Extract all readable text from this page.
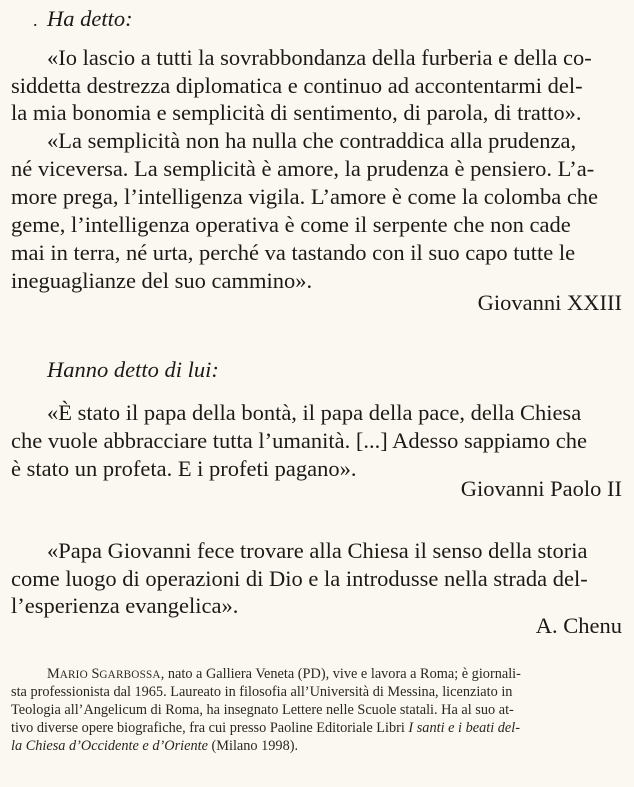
. Ha detto:
«Io lascio a tutti la sovrabbondanza della furberia e della co-
siddetta destrezza diplomatica e continuo ad accontentarmi del-
la mia bonomia e semplicità di sentimento, di parola, di tratto».
«La semplicità non ha nulla che contraddica alla prudenza,
né viceversa. La semplicità è amore, la prudenza è pensiero. L’a-
more prega, l’intelligenza vigila. L’amore è come la colomba che
geme, l’intelligenza operativa è come il serpente che non cade
mai in terra, né urta, perché va tastando con il suo capo tutte le
ineguaglianze del suo cammino».
Giovanni XXIII
Hanno detto di lui:
«È stato il papa della bontà, il papa della pace, della Chiesa
che vuole abbracciare tutta l’umanità. [...] Adesso sappiamo che
è stato un profeta. E i profeti pagano».
Giovanni Paolo II
«Papa Giovanni fece trovare alla Chiesa il senso della storia
come luogo di operazioni di Dio e la introdusse nella strada del-
l’esperienza evangelica».
A. Chenu
MARIO SGARBOSSA, nato a Galliera Veneta (PD), vive e lavora a Roma; è giornali-
sta professionista dal 1965. Laureato in filosofia all’Università di Messina, licenziato in
Teologia all’Angelicum di Roma, ha insegnato Lettere nelle Scuole statali. Ha al suo at-
tivo diverse opere biografiche, fra cui presso Paoline Editoriale Libri I santi e i beati del-
la Chiesa d’Occidente e d’Oriente (Milano 1998).
